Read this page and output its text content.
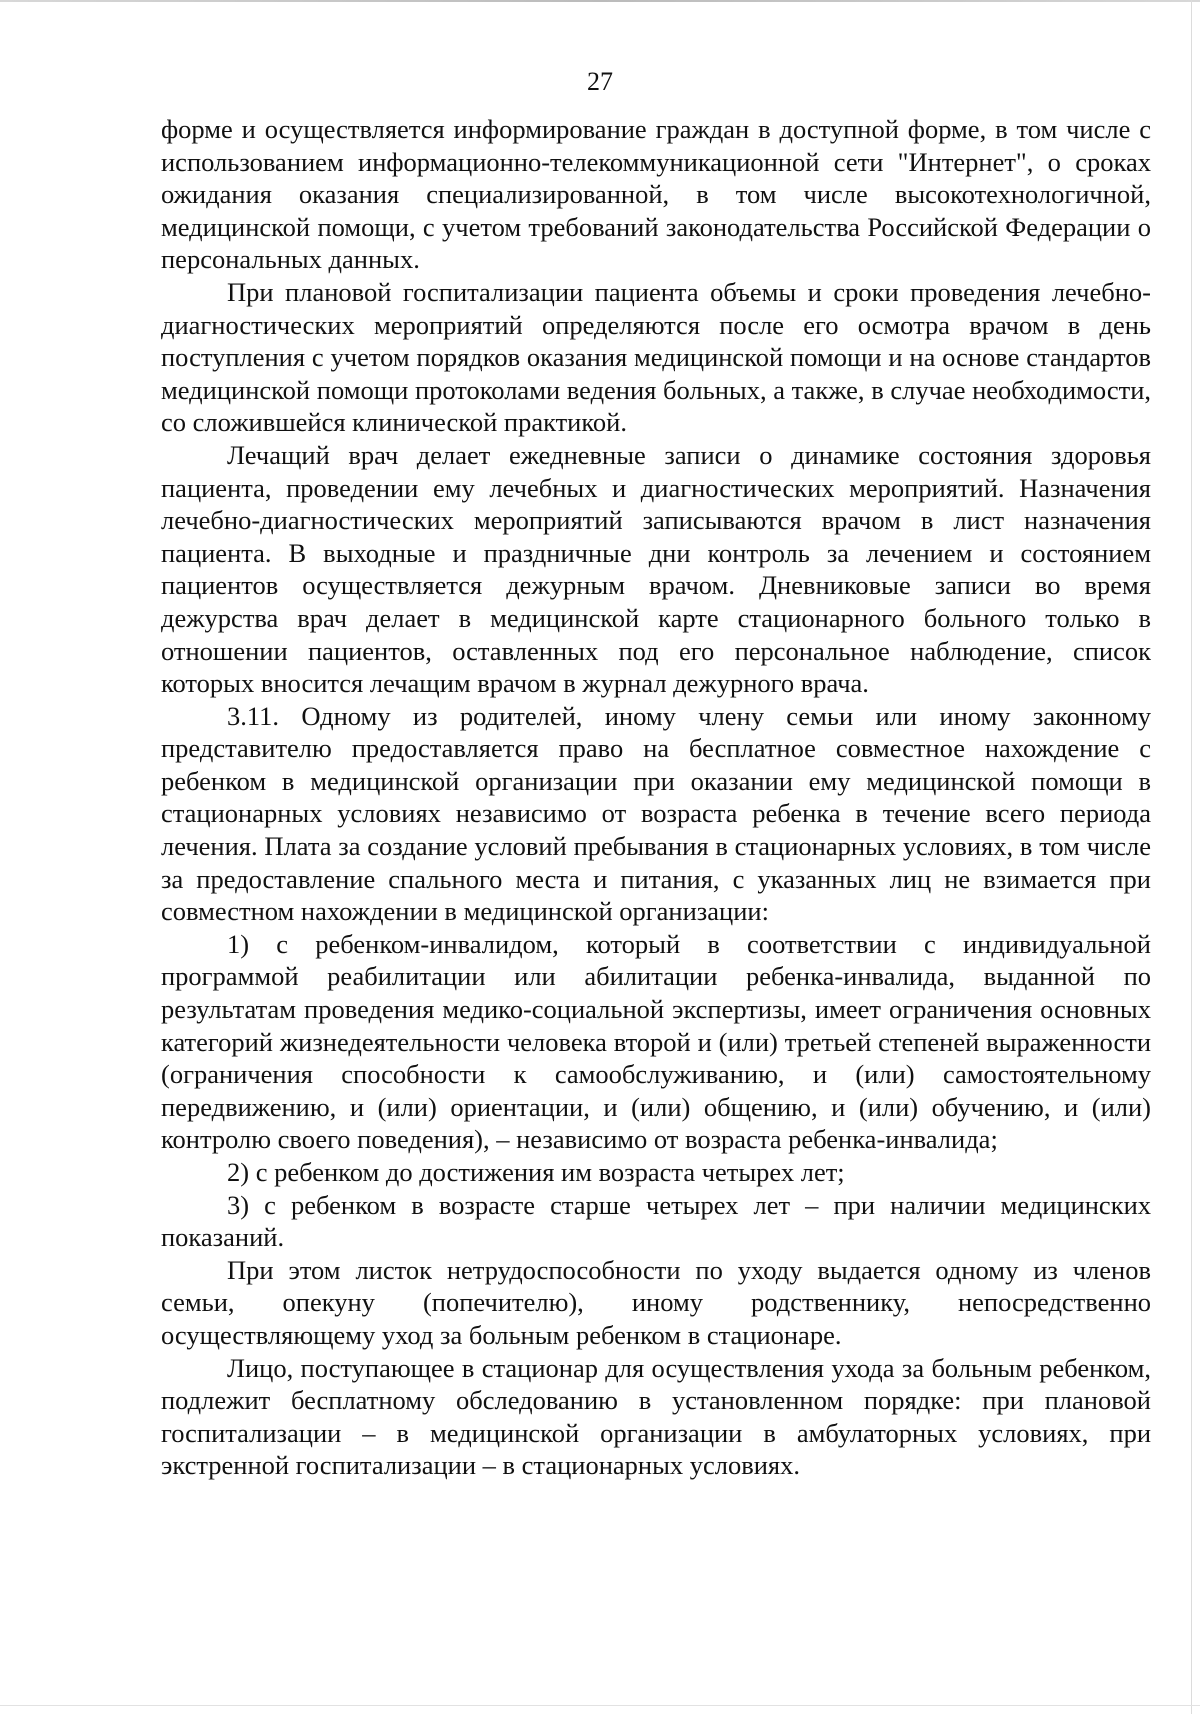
27

форме и осуществляется информирование граждан в доступной форме, в том числе с использованием информационно-телекоммуникационной сети "Интернет", о сроках ожидания оказания специализированной, в том числе высокотехнологичной, медицинской помощи, с учетом требований законодательства Российской Федерации о персональных данных.

При плановой госпитализации пациента объемы и сроки проведения лечебно-диагностических мероприятий определяются после его осмотра врачом в день поступления с учетом порядков оказания медицинской помощи и на основе стандартов медицинской помощи протоколами ведения больных, а также, в случае необходимости, со сложившейся клинической практикой.

Лечащий врач делает ежедневные записи о динамике состояния здоровья пациента, проведении ему лечебных и диагностических мероприятий. Назначения лечебно-диагностических мероприятий записываются врачом в лист назначения пациента. В выходные и праздничные дни контроль за лечением и состоянием пациентов осуществляется дежурным врачом. Дневниковые записи во время дежурства врач делает в медицинской карте стационарного больного только в отношении пациентов, оставленных под его персональное наблюдение, список которых вносится лечащим врачом в журнал дежурного врача.

3.11. Одному из родителей, иному члену семьи или иному законному представителю предоставляется право на бесплатное совместное нахождение с ребенком в медицинской организации при оказании ему медицинской помощи в стационарных условиях независимо от возраста ребенка в течение всего периода лечения. Плата за создание условий пребывания в стационарных условиях, в том числе за предоставление спального места и питания, с указанных лиц не взимается при совместном нахождении в медицинской организации:

1) с ребенком-инвалидом, который в соответствии с индивидуальной программой реабилитации или абилитации ребенка-инвалида, выданной по результатам проведения медико-социальной экспертизы, имеет ограничения основных категорий жизнедеятельности человека второй и (или) третьей степеней выраженности (ограничения способности к самообслуживанию, и (или) самостоятельному передвижению, и (или) ориентации, и (или) общению, и (или) обучению, и (или) контролю своего поведения), – независимо от возраста ребенка-инвалида;

2) с ребенком до достижения им возраста четырех лет;

3) с ребенком в возрасте старше четырех лет – при наличии медицинских показаний.

При этом листок нетрудоспособности по уходу выдается одному из членов семьи, опекуну (попечителю), иному родственнику, непосредственно осуществляющему уход за больным ребенком в стационаре.

Лицо, поступающее в стационар для осуществления ухода за больным ребенком, подлежит бесплатному обследованию в установленном порядке: при плановой госпитализации – в медицинской организации в амбулаторных условиях, при экстренной госпитализации – в стационарных условиях.
